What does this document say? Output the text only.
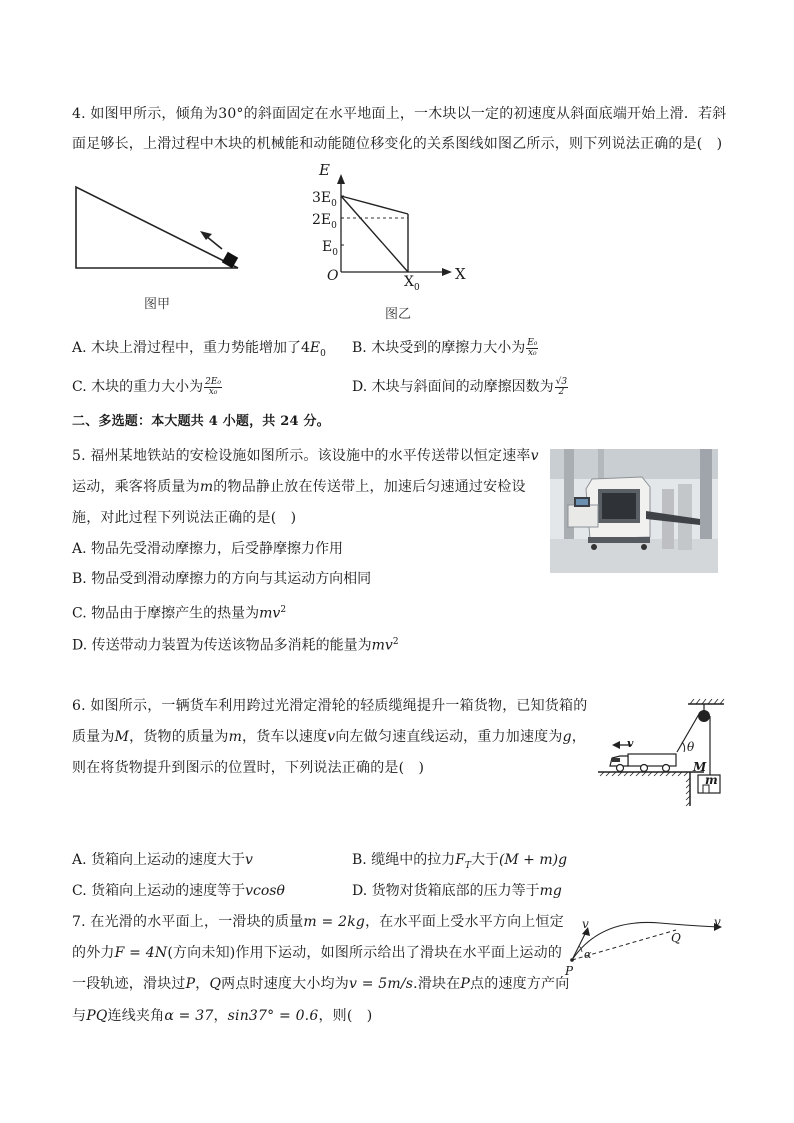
4. 如图甲所示，倾角为30°的斜面固定在水平地面上，一木块以一定的初速度从斜面底端开始上滑．若斜
面足够长，上滑过程中木块的机械能和动能随位移变化的关系图线如图乙所示，则下列说法正确的是(　)
图甲
E
$3E_0$
$2E_0$
$E_0$
O	$X_0$
X
图乙
A. 木块上滑过程中，重力势能增加了$4E_0$ B. 木块受到的摩擦力大小为 $\frac{\text{E₀}}{\text{x₀}}$
C. 木块的重力大小为 $\frac{\text{2E₀}}{\text{x₀}}$	D. 木块与斜面间的动摩擦因数为 $\frac{√3}{2}$
二、多选题：本大题共 4 小题，共 24 分。
5. 福州某地铁站的安检设施如图所示。该设施中的水平传送带以恒定速率v
运动，乘客将质量为m的物品静止放在传送带上，加速后匀速通过安检设
施，对此过程下列说法正确的是(　)
A. 物品先受滑动摩擦力，后受静摩擦力作用
B. 物品受到滑动摩擦力的方向与其运动方向相同
C. 物品由于摩擦产生的热量为$mv^2$
D. 传送带动力装置为传送该物品多消耗的能量为$mv^2$
6. 如图所示，一辆货车利用跨过光滑定滑轮的轻质缆绳提升一箱货物，已知货箱的
质量为M，货物的质量为m，货车以速度v向左做匀速直线运动，重力加速度为g，
则在将货物提升到图示的位置时，下列说法正确的是(　)
v	θ
M
m
A. 货箱向上运动的速度大于v	B. 缆绳中的拉力$F_T$大于(M + m)g
C. 货箱向上运动的速度等于vcosθ	D. 货物对货箱底部的压力等于mg
7. 在光滑的水平面上，一滑块的质量m = 2kg，在水平面上受水平方向上恒定
的外力F = 4N(方向未知)作用下运动，如图所示给出了滑块在水平面上运动的
一段轨迹，滑块过P，Q两点时速度大小均为v = 5m/s.滑块在P点的速度方产向
与PQ连线夹角α = 37，sin37° = 0.6，则(　)
v	v
α
P
Q
